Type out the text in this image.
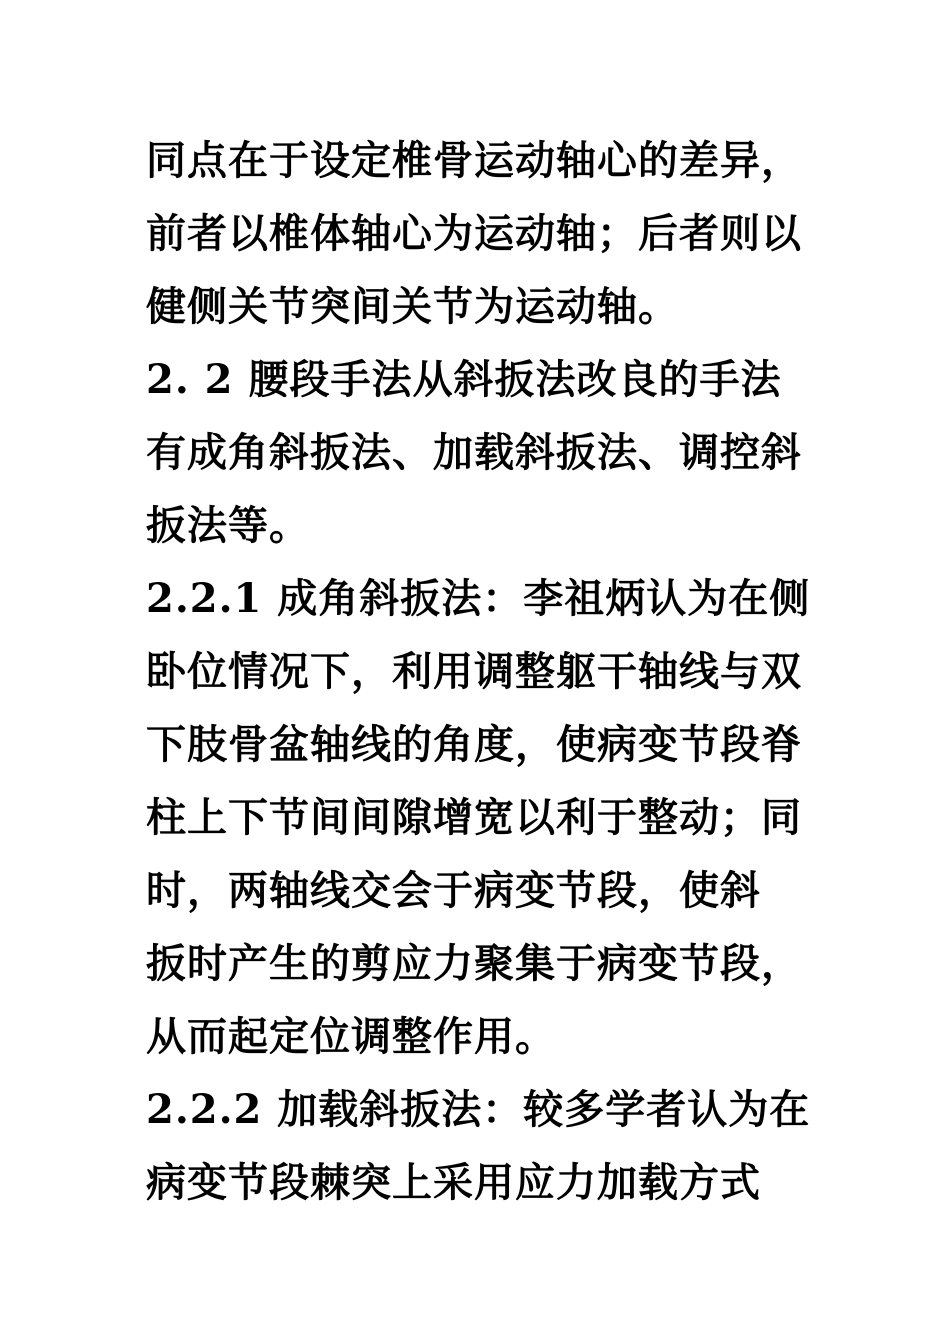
同点在于设定椎骨运动轴心的差异，
前者以椎体轴心为运动轴；后者则以
健侧关节突间关节为运动轴。
2. 2 腰段手法从斜扳法改良的手法
有成角斜扳法、加载斜扳法、调控斜
扳法等。
2.2.1 成角斜扳法：李祖炳认为在侧
卧位情况下，利用调整躯干轴线与双
下肢骨盆轴线的角度，使病变节段脊
柱上下节间间隙增宽以利于整动；同
时，两轴线交会于病变节段，使斜
扳时产生的剪应力聚集于病变节段，
从而起定位调整作用。
2.2.2 加载斜扳法：较多学者认为在
病变节段棘突上采用应力加载方式
